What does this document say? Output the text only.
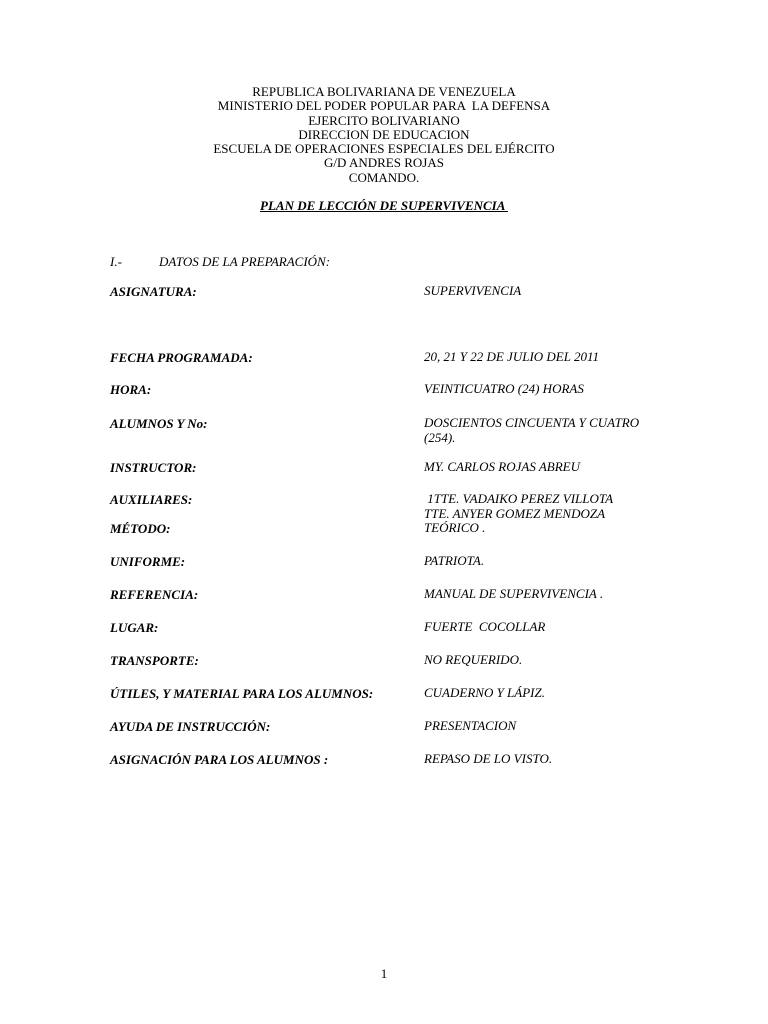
REPUBLICA BOLIVARIANA DE VENEZUELA
MINISTERIO DEL PODER POPULAR PARA  LA DEFENSA
EJERCITO BOLIVARIANO
DIRECCION DE EDUCACION
ESCUELA DE OPERACIONES ESPECIALES DEL EJÉRCITO
G/D ANDRES ROJAS
COMANDO.
PLAN DE LECCIÓN DE SUPERVIVENCIA
I.-	DATOS DE LA PREPARACIÓN:
ASIGNATURA:	SUPERVIVENCIA
FECHA PROGRAMADA:	20, 21 Y 22 DE JULIO DEL 2011
HORA:	VEINTICUATRO (24) HORAS
ALUMNOS Y No:	DOSCIENTOS CINCUENTA Y CUATRO (254).
INSTRUCTOR:	MY. CARLOS ROJAS ABREU
AUXILIARES:	1TTE. VADAIKO PEREZ VILLOTA
TTE. ANYER GOMEZ MENDOZA
MÉTODO:	TEÓRICO .
UNIFORME:	PATRIOTA.
REFERENCIA:	MANUAL DE SUPERVIVENCIA .
LUGAR:	FUERTE  COCOLLAR
TRANSPORTE:	NO REQUERIDO.
ÚTILES, Y MATERIAL PARA LOS ALUMNOS:	CUADERNO Y LÁPIZ.
AYUDA DE INSTRUCCIÓN:	PRESENTACION
ASIGNACIÓN PARA LOS ALUMNOS :	REPASO DE LO VISTO.
1
